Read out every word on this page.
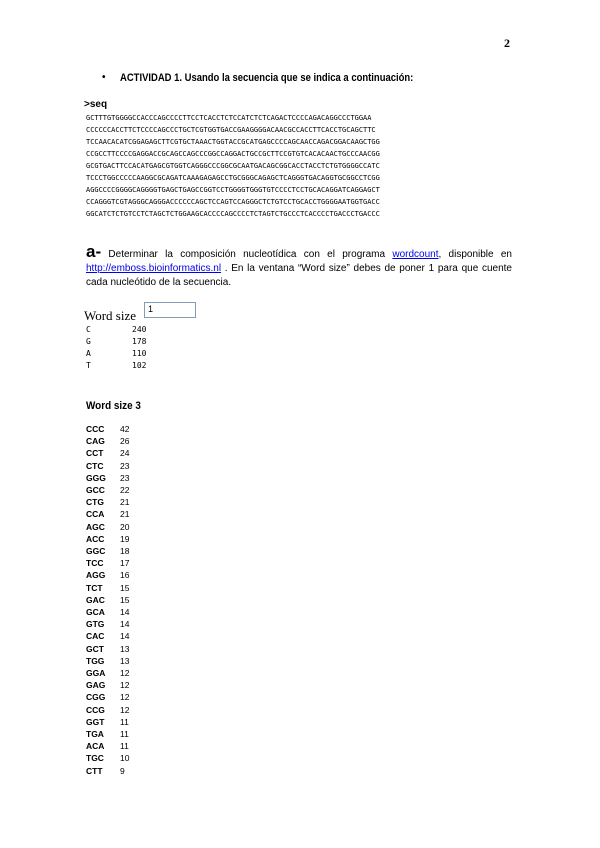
2
• ACTIVIDAD 1. Usando la secuencia que se indica a continuación:
>seq
GCTTTGTGGGGCCACCCAGCCCCTTCCTCACCTCTCCATCTCTCAGACTCCCCAGACAGGCCCTGGAA
CCCCCCACCTTCTCCCCAGCCCTGCTCGTGGTGACCGAAGGGGACAACGCCACCTTCACCTGCAGCTTC
TCCAACACATCGGAGAGCTTCGTGCTAAACTGGTACCGCATGAGCCCCAGCAACCAGACGGACAAGCTGG
CCGCCTTCCCCGAGGACCGCAGCCAGCCCGGCCAGGACTGCCGCTTCCGTGTCACACAACTGCCCAACGG
GCGTGACTTCCACATGAGCGTGGTCAGGGCCCGGCGCAATGACAGCGGCACCTACCTCTGTGGGGCCATC
TCCCTGGCCCCCAAGGCGCAGATCAAAGAGAGCCTGCGGGCAGAGCTCAGGGTGACAGGTGCGGCCTCGG
AGGCCCCGGGGCAGGGGTGAGCTGAGCCGGTCCTGGGGTGGGTGTCCCCTCCTGCACAGGATCAGGAGCT
CCAGGGTCGTAGGGCAGGGACCCCCCAGCTCCAGTCCAGGGCTCTGTCCTGCACCTGGGGAATGGTGACC
GGCATCTCTGTCCTCTAGCTCTGGAAGCACCCCAGCCCCTCTAGTCTGCCCTCACCCCTGACCCTGACCC
a- Determinar la composición nucleotídica con el programa wordcount, disponible en http://emboss.bioinformatics.nl . En la ventana “Word size” debes de poner 1 para que cuente cada nucleótido de la secuencia.
Word size	1
C	240
G	178
A	110
T	102
Word size 3
CCC	42
CAG	26
CCT	24
CTC	23
GGG	23
GCC	22
CTG	21
CCA	21
AGC	20
ACC	19
GGC	18
TCC	17
AGG	16
TCT	15
GAC	15
GCA	14
GTG	14
CAC	14
GCT	13
TGG	13
GGA	12
GAG	12
CGG	12
CCG	12
GGT	11
TGA	11
ACA	11
TGC	10
CTT	9
